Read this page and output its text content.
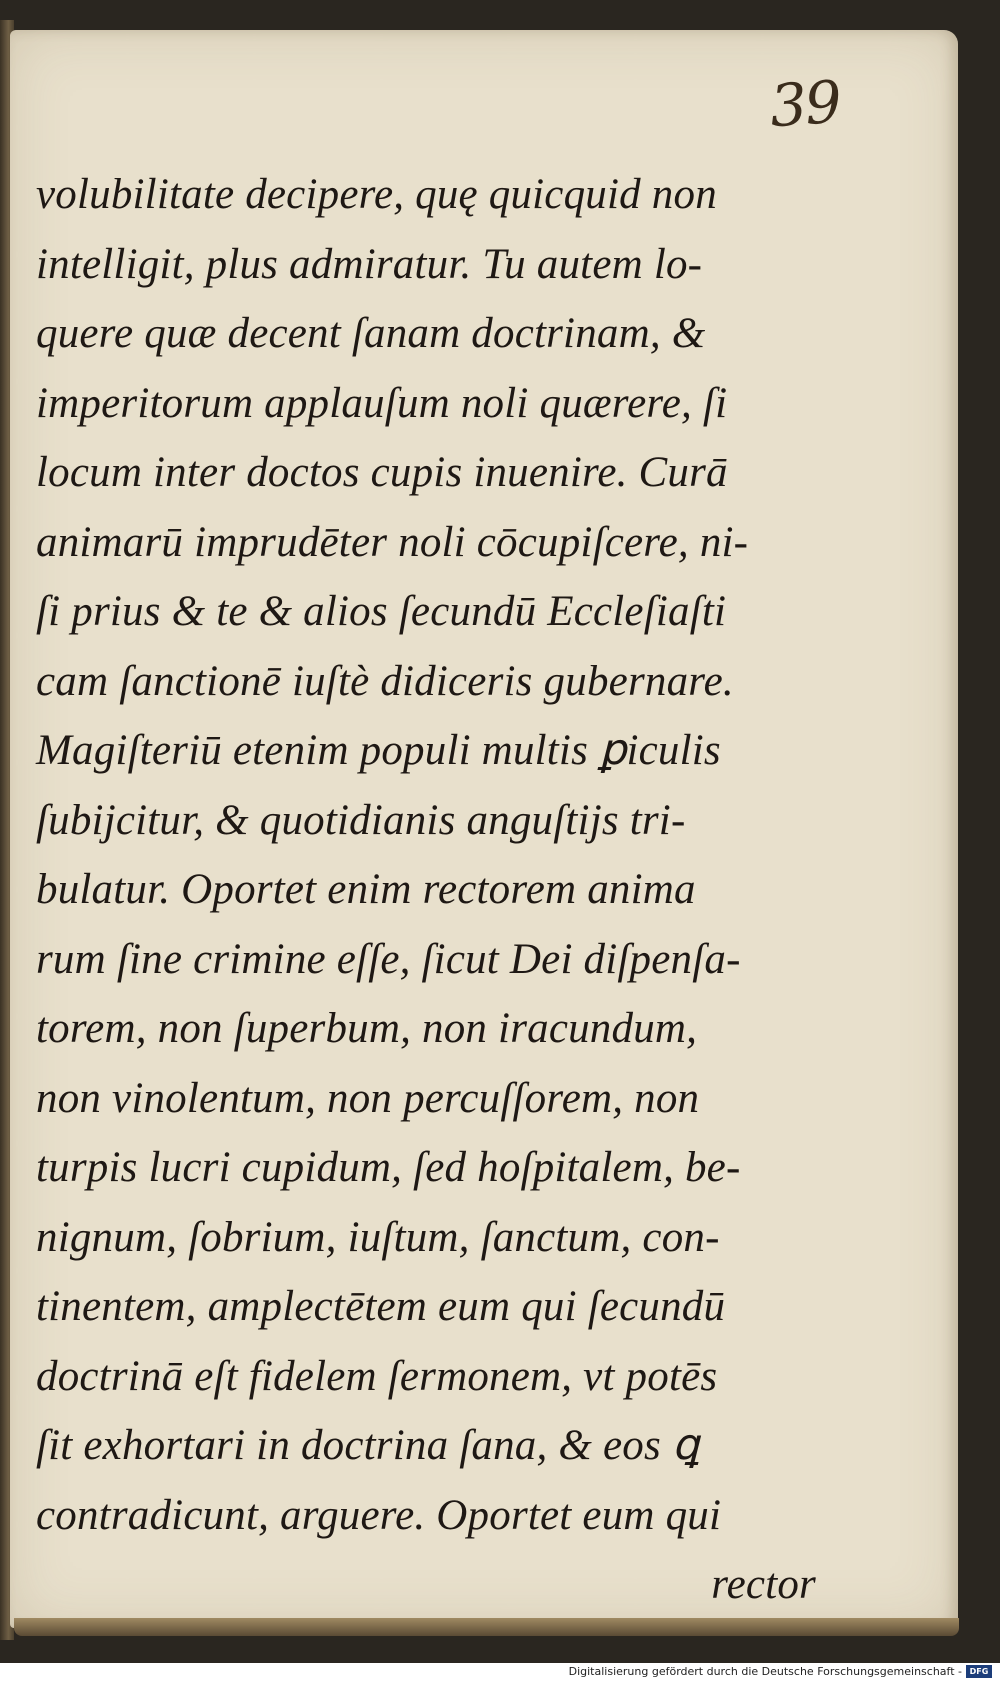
39
volubilitate decipere, quę quicquid non
intelligit, plus admiratur. Tu autem lo-
quere quæ decent ſanam doctrinam, &
imperitorum applauſum noli quærere, ſi
locum inter doctos cupis inuenire. Curā
animarū imprudēter noli cōcupiſcere, ni-
ſi prius & te & alios ſecundū Eccleſiaſti
cam ſanctionē iuſtè didiceris gubernare.
Magiſteriū etenim populi multis ꝑiculis
ſubijcitur, & quotidianis anguſtijs tri-
bulatur. Oportet enim rectorem anima
rum ſine crimine eſſe, ſicut Dei diſpenſa-
torem, non ſuperbum, non iracundum,
non vinolentum, non percuſſorem, non
turpis lucri cupidum, ſed hoſpitalem, be-
nignum, ſobrium, iuſtum, ſanctum, con-
tinentem, amplectētem eum qui ſecundū
doctrinā eſt fidelem ſermonem, vt potēs
ſit exhortari in doctrina ſana, & eos ꝗ
contradicunt, arguere. Oportet eum qui
rector
Digitalisierung gefördert durch die Deutsche Forschungsgemeinschaft - DFG
